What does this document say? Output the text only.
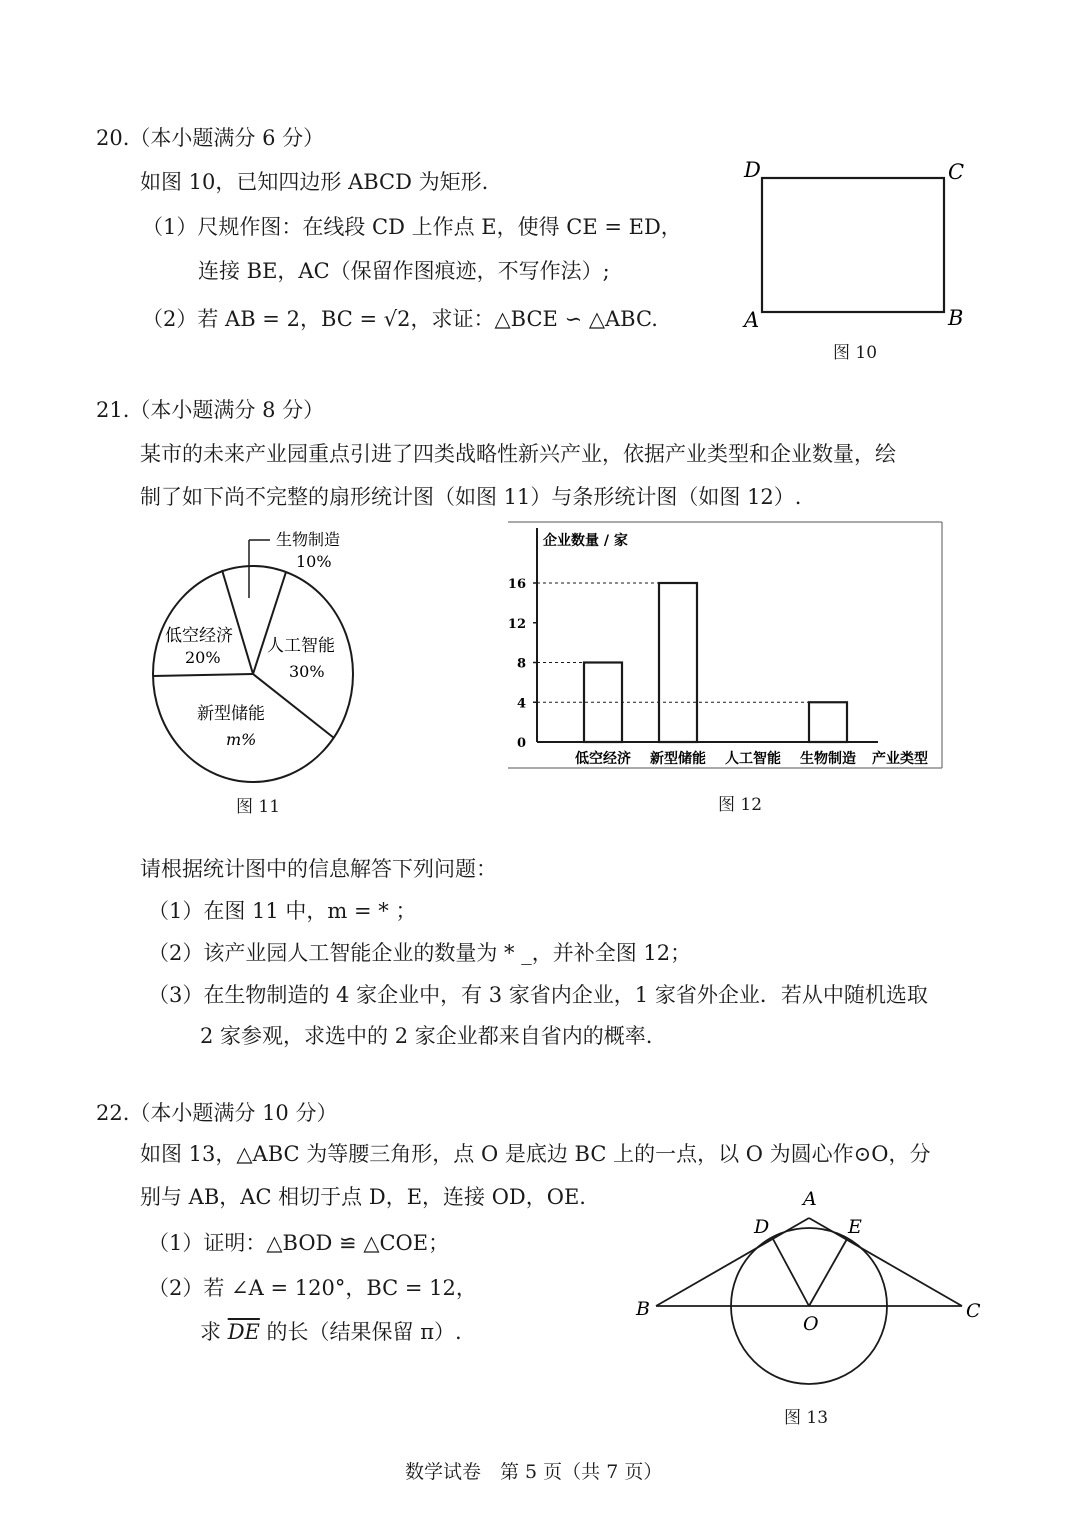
20.（本小题满分 6 分）
如图 10，已知四边形 ABCD 为矩形.
（1）尺规作图：在线段 CD 上作点 E，使得 CE = ED，
连接 BE，AC（保留作图痕迹，不写作法）;
（2）若 AB = 2，BC = √2，求证：△BCE ∽ △ABC.
D	C
A	B
图 10
21.（本小题满分 8 分）
某市的未来产业园重点引进了四类战略性新兴产业，依据产业类型和企业数量，绘
制了如下尚不完整的扇形统计图（如图 11）与条形统计图（如图 12）.
生物制造
10%
人工智能
30%
新型储能
m%
低空经济
20%
图 11
企业数量 / 家
产业类型
0
4
8
12
16
低空经济 新型储能 人工智能 生物制造
图 12
请根据统计图中的信息解答下列问题：
（1）在图 11 中，m = * ；
（2）该产业园人工智能企业的数量为 * _，并补全图 12；
（3）在生物制造的 4 家企业中，有 3 家省内企业，1 家省外企业．若从中随机选取
2 家参观，求选中的 2 家企业都来自省内的概率.
22.（本小题满分 10 分）
如图 13，△ABC 为等腰三角形，点 O 是底边 BC 上的一点，以 O 为圆心作⊙O，分
别与 AB，AC 相切于点 D，E，连接 OD，OE.
（1）证明：△BOD ≌ △COE；
（2）若 ∠A = 120°，BC = 12，
求 $\overline{DE}$ 的长（结果保留 π）.
A
D	E
B
O
C
图 13
数学试卷　第 5 页（共 7 页）
